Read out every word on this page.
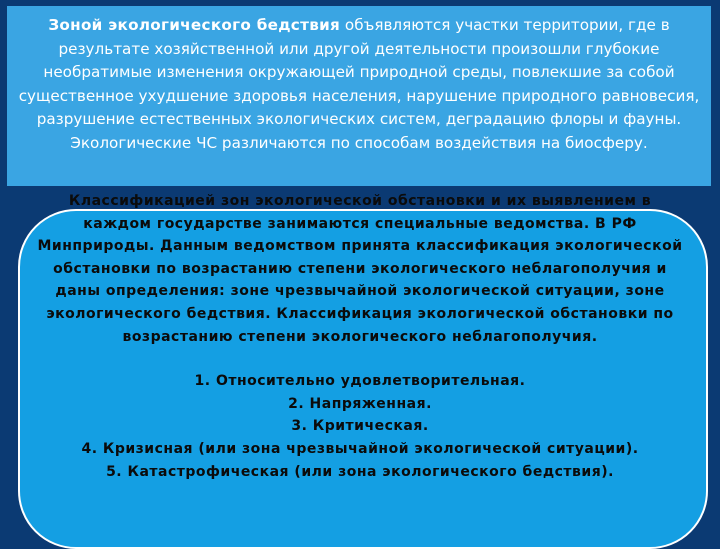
Зоной экологического бедствия объявляются участки территории, где в результате хозяйственной или другой деятельности произошли глубокие необратимые изменения окружающей природной среды, повлекшие за собой существенное ухудшение здоровья населения, нарушение природного равновесия, разрушение естественных экологических систем, деградацию флоры и фауны. Экологические ЧС различаются по способам воздействия на биосферу.

Классификацией зон экологической обстановки и их выявлением в каждом государстве занимаются специальные ведомства. В РФ Минприроды. Данным ведомством принята классификация экологической обстановки по возрастанию степени экологического неблагополучия и даны определения: зоне чрезвычайной экологической ситуации, зоне экологического бедствия. Классификация экологической обстановки по возрастанию степени экологического неблагополучия.

1. Относительно удовлетворительная.
2. Напряженная.
3. Критическая.
4. Кризисная (или зона чрезвычайной экологической ситуации).
5. Катастрофическая (или зона экологического бедствия).
